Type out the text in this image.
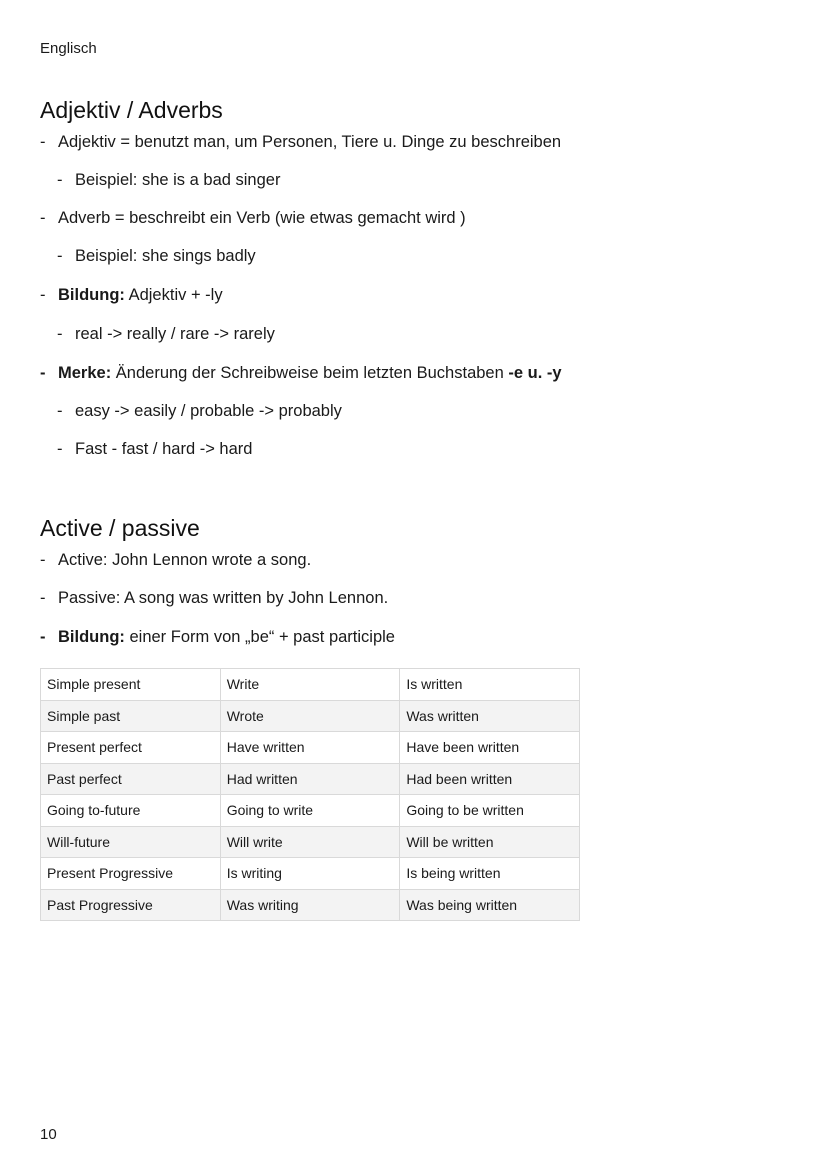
Englisch
Adjektiv / Adverbs
- Adjektiv = benutzt man, um Personen, Tiere u. Dinge zu beschreiben
- Beispiel: she is a bad singer
- Adverb = beschreibt ein Verb (wie etwas gemacht wird )
- Beispiel: she sings badly
- Bildung: Adjektiv + -ly
- real -> really / rare -> rarely
- Merke: Änderung der Schreibweise beim letzten Buchstaben -e u. -y
- easy -> easily / probable -> probably
- Fast - fast / hard -> hard
Active / passive
- Active: John Lennon wrote a song.
- Passive: A song was written by John Lennon.
- Bildung: einer Form von „be“ + past participle
Simple present	Write	Is written
Simple past	Wrote	Was written
Present perfect	Have written	Have been written
Past perfect	Had written	Had been written
Going to-future	Going to write	Going to be written
Will-future	Will write	Will be written
Present Progressive	Is writing	Is being written
Past Progressive	Was writing	Was being written
10
